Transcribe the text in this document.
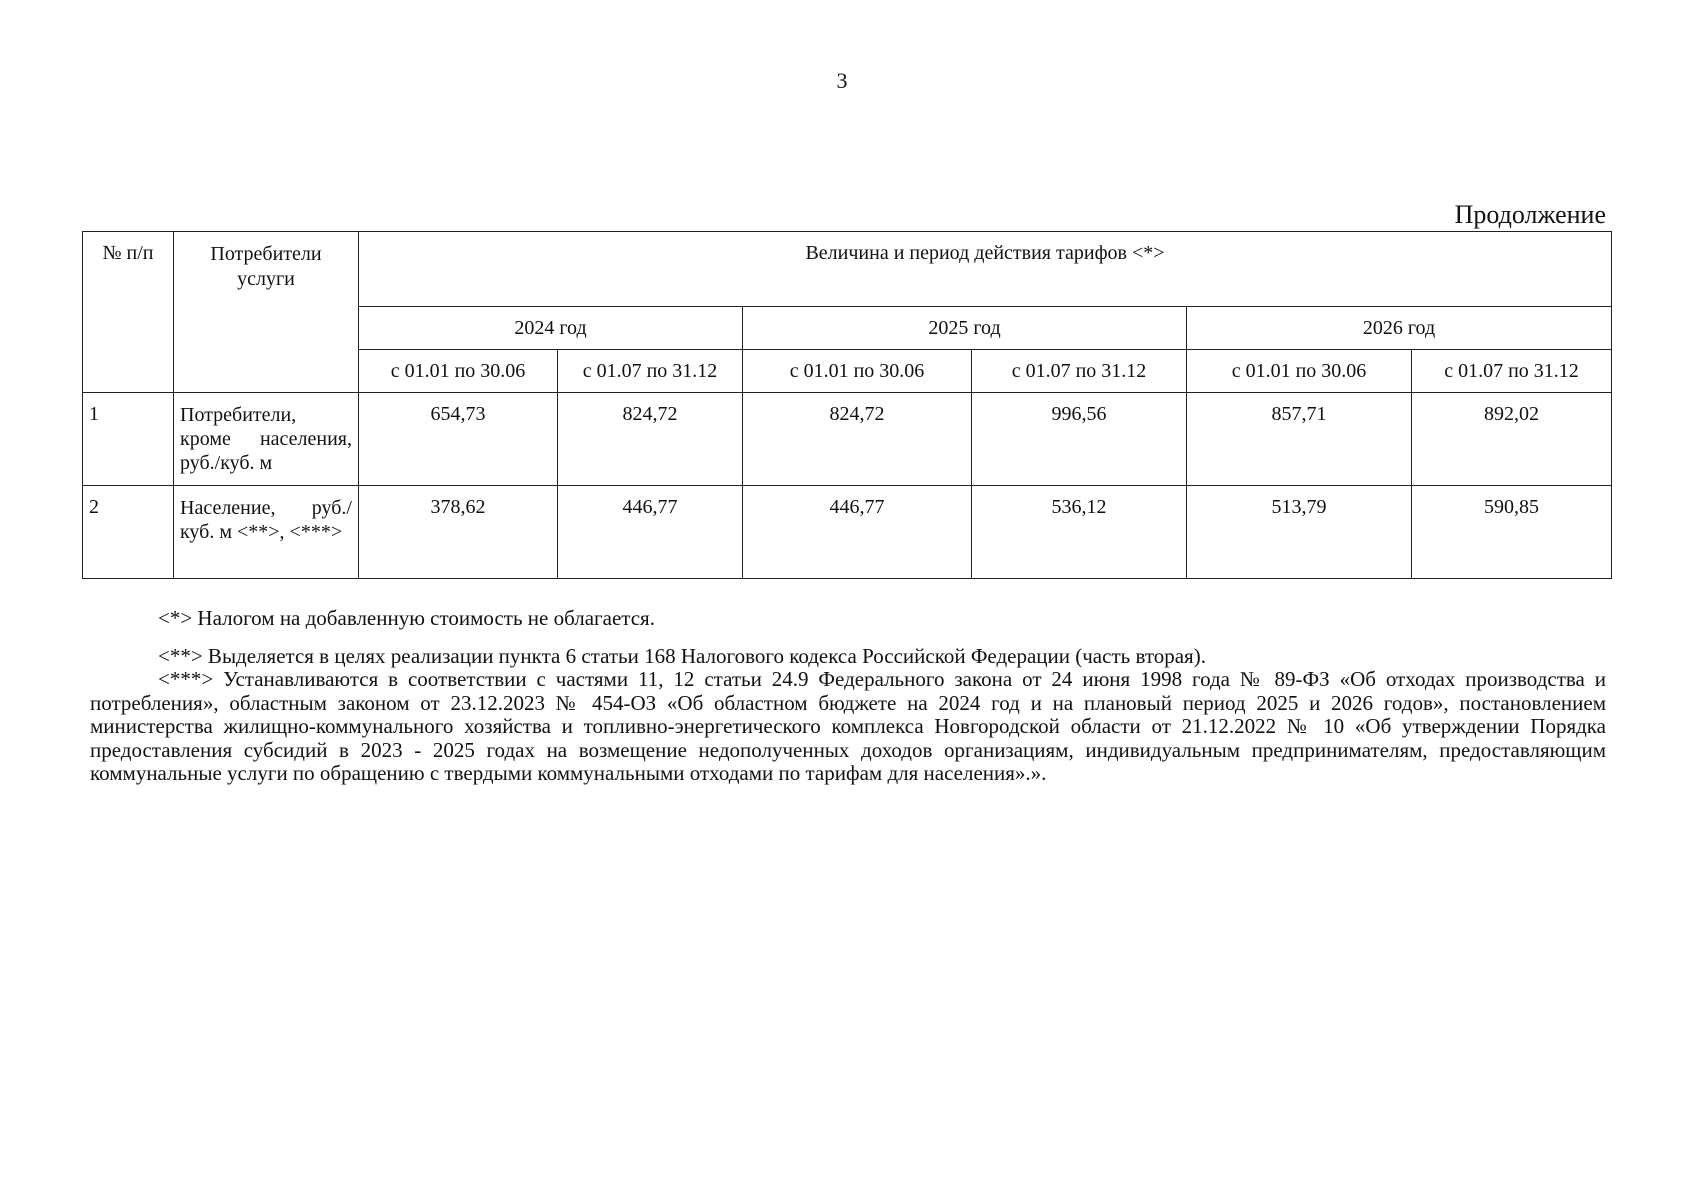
3
Продолжение
№ п/п	Потребители услуги	Величина и период действия тарифов <*>					
		2024 год		2025 год		2026 год	
		с 01.01 по 30.06	с 01.07 по 31.12	с 01.01 по 30.06	с 01.07 по 31.12	с 01.01 по 30.06	с 01.07 по 31.12
1	Потребители, кроме населения, руб./куб. м	654,73	824,72	824,72	996,56	857,71	892,02
2	Население, руб./куб. м <**>, <***>	378,62	446,77	446,77	536,12	513,79	590,85

<*> Налогом на добавленную стоимость не облагается.

<**> Выделяется в целях реализации пункта 6 статьи 168 Налогового кодекса Российской Федерации (часть вторая).

<***> Устанавливаются в соответствии с частями 11, 12 статьи 24.9 Федерального закона от 24 июня 1998 года № 89-ФЗ «Об отходах производства и потребления», областным законом от 23.12.2023 № 454-ОЗ «Об областном бюджете на 2024 год и на плановый период 2025 и 2026 годов», постановлением министерства жилищно-коммунального хозяйства и топливно-энергетического комплекса Новгородской области от 21.12.2022 № 10 «Об утверждении Порядка предоставления субсидий в 2023 - 2025 годах на возмещение недополученных доходов организациям, индивидуальным предпринимателям, предоставляющим коммунальные услуги по обращению с твердыми коммунальными отходами по тарифам для населения».».
